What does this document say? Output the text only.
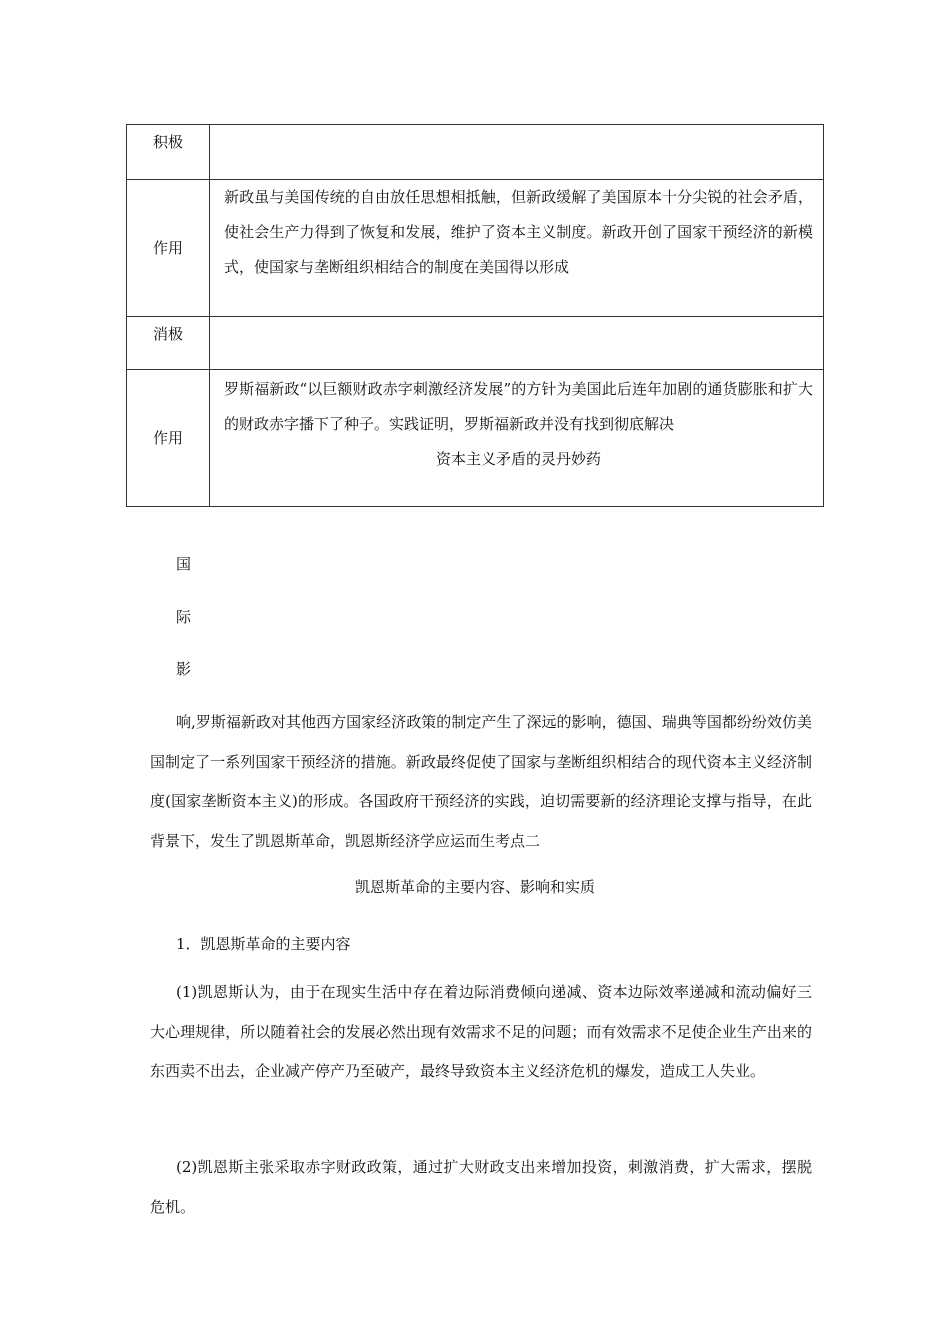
积极	

作用	新政虽与美国传统的自由放任思想相抵触，但新政缓解了美国原本十分尖锐的社会矛盾，使社会生产力得到了恢复和发展，维护了资本主义制度。新政开创了国家干预经济的新模式，使国家与垄断组织相结合的制度在美国得以形成

消极	

作用	罗斯福新政“以巨额财政赤字刺激经济发展”的方针为美国此后连年加剧的通货膨胀和扩大的财政赤字播下了种子。实践证明，罗斯福新政并没有找到彻底解决
资本主义矛盾的灵丹妙药
国
际
影

响,罗斯福新政对其他西方国家经济政策的制定产生了深远的影响，德国、瑞典等国都纷纷效仿美国制定了一系列国家干预经济的措施。新政最终促使了国家与垄断组织相结合的现代资本主义经济制度(国家垄断资本主义)的形成。各国政府干预经济的实践，迫切需要新的经济理论支撑与指导，在此背景下，发生了凯恩斯革命，凯恩斯经济学应运而生考点二

凯恩斯革命的主要内容、影响和实质

1．凯恩斯革命的主要内容

(1)凯恩斯认为，由于在现实生活中存在着边际消费倾向递减、资本边际效率递减和流动偏好三大心理规律，所以随着社会的发展必然出现有效需求不足的问题；而有效需求不足使企业生产出来的东西卖不出去，企业减产停产乃至破产，最终导致资本主义经济危机的爆发，造成工人失业。

(2)凯恩斯主张采取赤字财政政策，通过扩大财政支出来增加投资，刺激消费，扩大需求，摆脱危机。
